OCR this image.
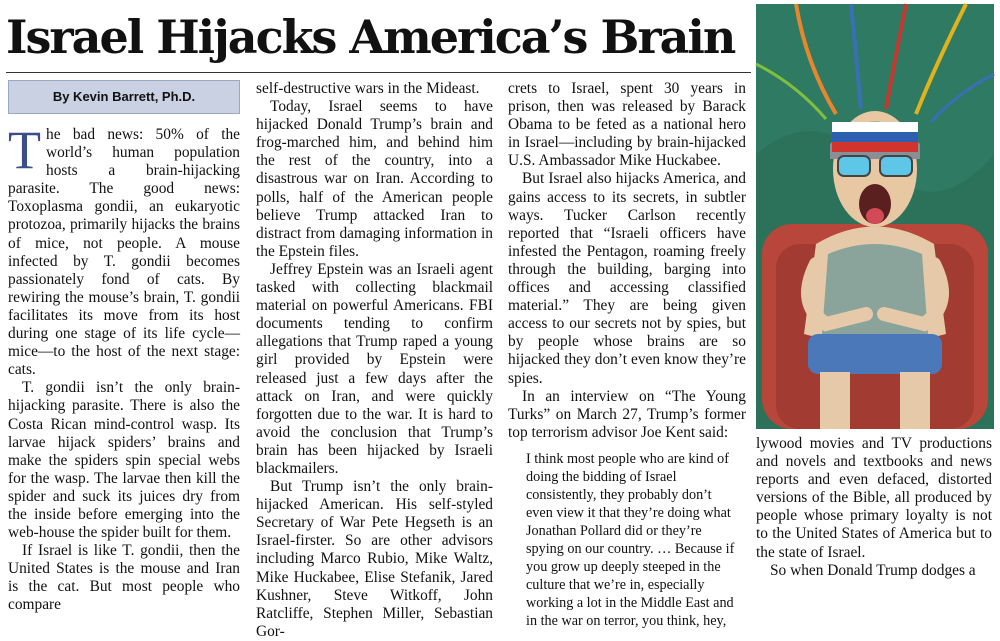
Israel Hijacks America’s Brain
By Kevin Barrett, Ph.D.

The bad news: 50% of the world’s human population hosts a brain-hijacking parasite. The good news: Toxoplasma gondii, an eukaryotic protozoa, primarily hijacks the brains of mice, not people. A mouse infected by T. gondii becomes passionately fond of cats. By rewiring the mouse’s brain, T. gondii facilitates its move from its host during one stage of its life cycle—mice—to the host of the next stage: cats.

T. gondii isn’t the only brain-hijacking parasite. There is also the Costa Rican mind-control wasp. Its larvae hijack spiders’ brains and make the spiders spin special webs for the wasp. The larvae then kill the spider and suck its juices dry from the inside before emerging into the web-house the spider built for them.

If Israel is like T. gondii, then the United States is the mouse and Iran is the cat. But most people who compare

self-destructive wars in the Mideast.

Today, Israel seems to have hijacked Donald Trump’s brain and frog-marched him, and behind him the rest of the country, into a disastrous war on Iran. According to polls, half of the American people believe Trump attacked Iran to distract from damaging information in the Epstein files.

Jeffrey Epstein was an Israeli agent tasked with collecting blackmail material on powerful Americans. FBI documents tending to confirm allegations that Trump raped a young girl provided by Epstein were released just a few days after the attack on Iran, and were quickly forgotten due to the war. It is hard to avoid the conclusion that Trump’s brain has been hijacked by Israeli blackmailers.

But Trump isn’t the only brain-hijacked American. His self-styled Secretary of War Pete Hegseth is an Israel-firster. So are other advisors including Marco Rubio, Mike Waltz, Mike Huckabee, Elise Stefanik, Jared Kushner, Steve Witkoff, John Ratcliffe, Stephen Miller, Sebastian Gor-

crets to Israel, spent 30 years in prison, then was released by Barack Obama to be feted as a national hero in Israel—including by brain-hijacked U.S. Ambassador Mike Huckabee.

But Israel also hijacks America, and gains access to its secrets, in subtler ways. Tucker Carlson recently reported that “Israeli officers have infested the Pentagon, roaming freely through the building, barging into offices and accessing classified material.” They are being given access to our secrets not by spies, but by people whose brains are so hijacked they don’t even know they’re spies.

In an interview on “The Young Turks” on March 27, Trump’s former top terrorism advisor Joe Kent said:

I think most people who are kind of doing the bidding of Israel consistently, they probably don’t even view it that they’re doing what Jonathan Pollard did or they’re spying on our country. … Because if you grow up deeply steeped in the culture that we’re in, especially working a lot in the Middle East and in the war on terror, you think, hey,

lywood movies and TV productions and novels and textbooks and news reports and even defaced, distorted versions of the Bible, all produced by people whose primary loyalty is not to the United States of America but to the state of Israel.

So when Donald Trump dodges a
